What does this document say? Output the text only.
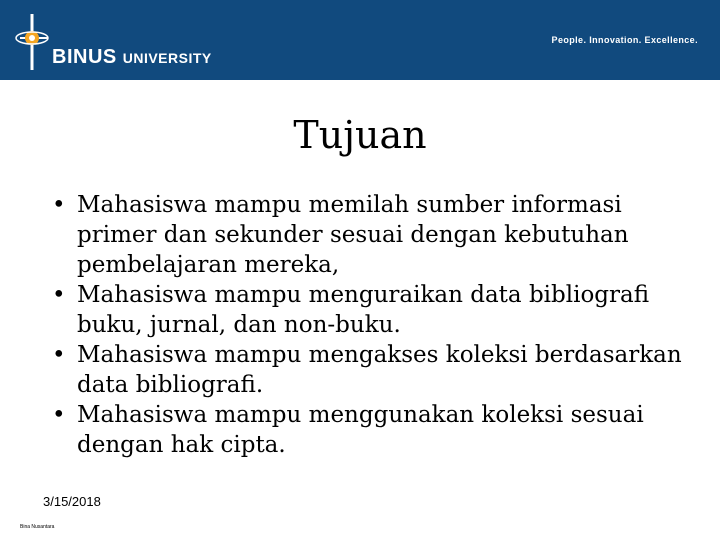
BINUS UNIVERSITY
People. Innovation. Excellence.
Tujuan
• Mahasiswa mampu memilah sumber informasi primer dan sekunder sesuai dengan kebutuhan pembelajaran mereka,
• Mahasiswa mampu menguraikan data bibliografi buku, jurnal, dan non-buku.
• Mahasiswa mampu mengakses koleksi berdasarkan data bibliografi.
• Mahasiswa mampu menggunakan koleksi sesuai dengan hak cipta.
3/15/2018
Bina Nusantara
